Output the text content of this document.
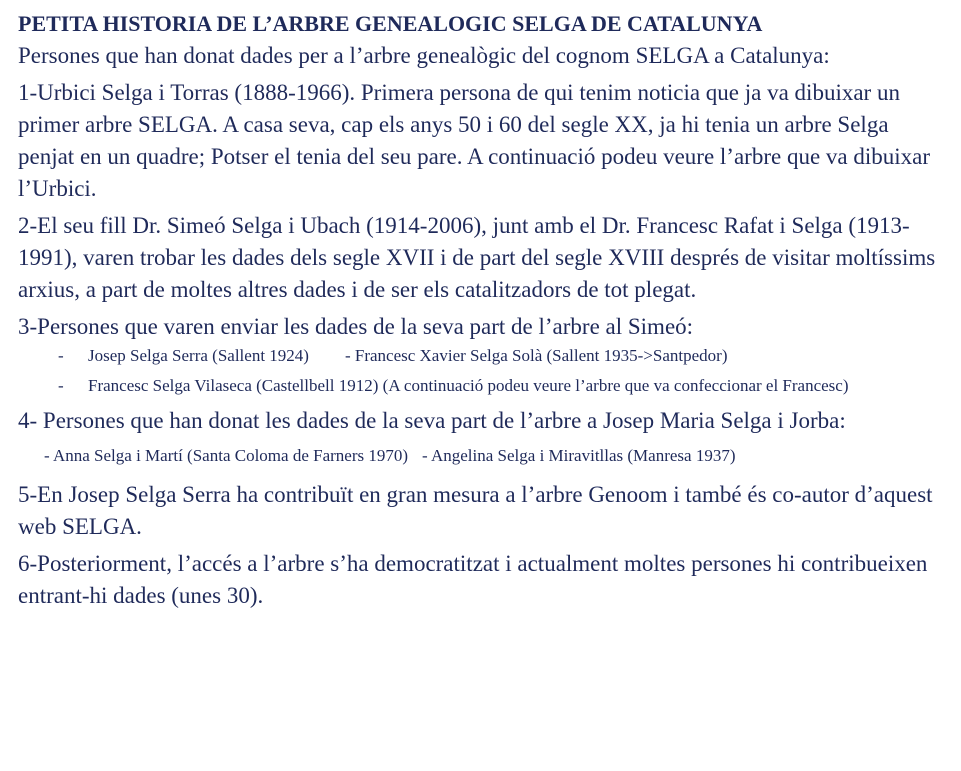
PETITA HISTORIA DE L’ARBRE GENEALOGIC SELGA DE CATALUNYA

Persones que han donat dades per a l’arbre genealògic del cognom SELGA a Catalunya:

1-Urbici Selga i Torras (1888-1966). Primera persona de qui tenim noticia que ja va dibuixar un primer arbre SELGA. A casa seva, cap els anys 50 i 60 del segle XX, ja hi tenia un arbre Selga penjat en un quadre; Potser el tenia del seu pare. A continuació podeu veure l’arbre que va dibuixar l’Urbici.

2-El seu fill Dr. Simeó Selga i Ubach (1914-2006), junt amb el Dr. Francesc Rafat i Selga (1913-1991), varen trobar les dades dels segle XVII i de part del segle XVIII després de visitar moltíssims arxius, a part de moltes altres dades i de ser els catalitzadors de tot plegat.

3-Persones que varen enviar les dades de la seva part de l’arbre al Simeó:

-	Josep Selga Serra (Sallent 1924) - Francesc Xavier Selga Solà (Sallent 1935->Santpedor)
-	Francesc Selga Vilaseca (Castellbell 1912) (A continuació podeu veure l’arbre que va confeccionar el Francesc)

4- Persones que han donat les dades de la seva part de l’arbre a Josep Maria Selga i Jorba:

- Anna Selga i Martí (Santa Coloma de Farners 1970) - Angelina Selga i Miravitllas (Manresa 1937)

5-En Josep Selga Serra ha contribuït en gran mesura a l’arbre Genoom i també és co-autor d’aquest web SELGA.

6-Posteriorment, l’accés a l’arbre s’ha democratitzat i actualment moltes persones hi contribueixen entrant-hi dades (unes 30).
